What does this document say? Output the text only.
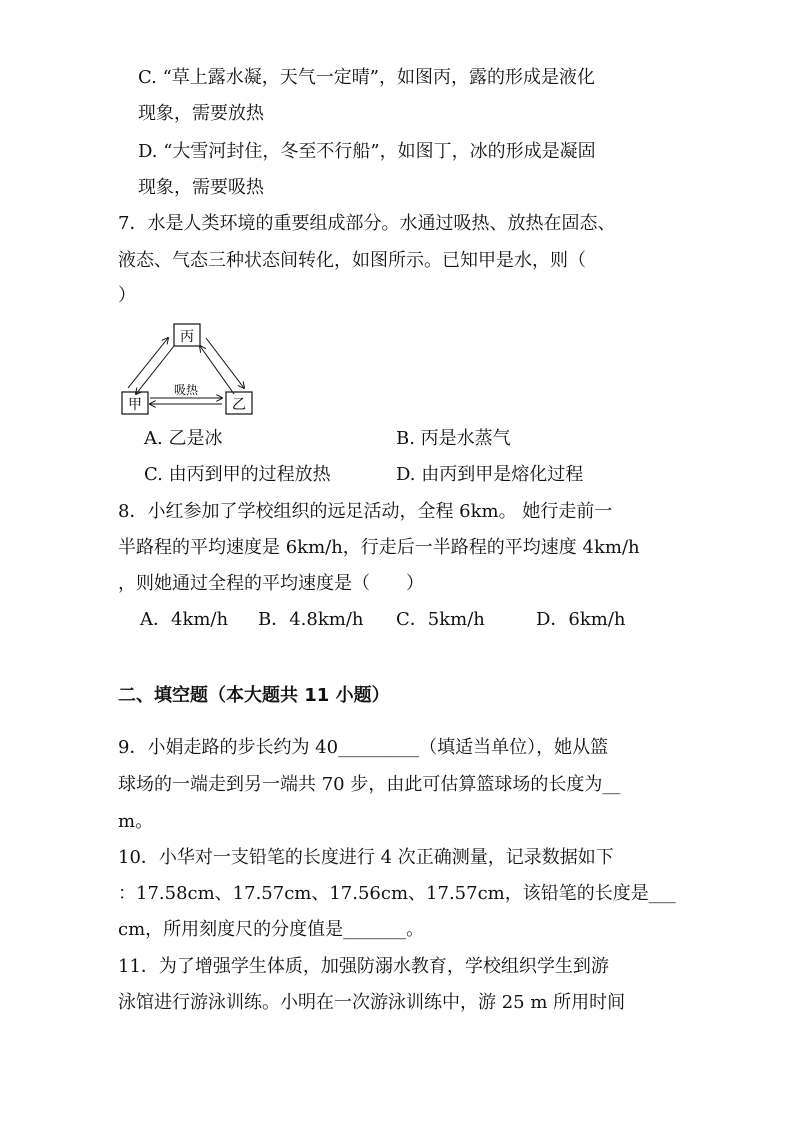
C. “草上露水凝，天气一定晴”，如图丙，露的形成是液化
现象，需要放热
D. “大雪河封住，冬至不行船”，如图丁，冰的形成是凝固
现象，需要吸热
7．水是人类环境的重要组成部分。水通过吸热、放热在固态、
液态、气态三种状态间转化，如图所示。已知甲是水，则（
）
丙
甲	乙
吸热
A. 乙是冰	B. 丙是水蒸气
C. 由丙到甲的过程放热	D. 由丙到甲是熔化过程
8．小红参加了学校组织的远足活动，全程 6km。 她行走前一
半路程的平均速度是 6km/h，行走后一半路程的平均速度 4km/h
，则她通过全程的平均速度是（　　）
A．4km/h B．4.8km/h C．5km/h	D．6km/h
二、填空题（本大题共 11 小题）
9．小娟走路的步长约为 40_________（填适当单位），她从篮
球场的一端走到另一端共 70 步，由此可估算篮球场的长度为__
m。
10．小华对一支铅笔的长度进行 4 次正确测量，记录数据如下
：17.58cm、17.57cm、17.56cm、17.57cm，该铅笔的长度是___
cm，所用刻度尺的分度值是_______。
11．为了增强学生体质，加强防溺水教育，学校组织学生到游
泳馆进行游泳训练。小明在一次游泳训练中，游 25 m 所用时间
